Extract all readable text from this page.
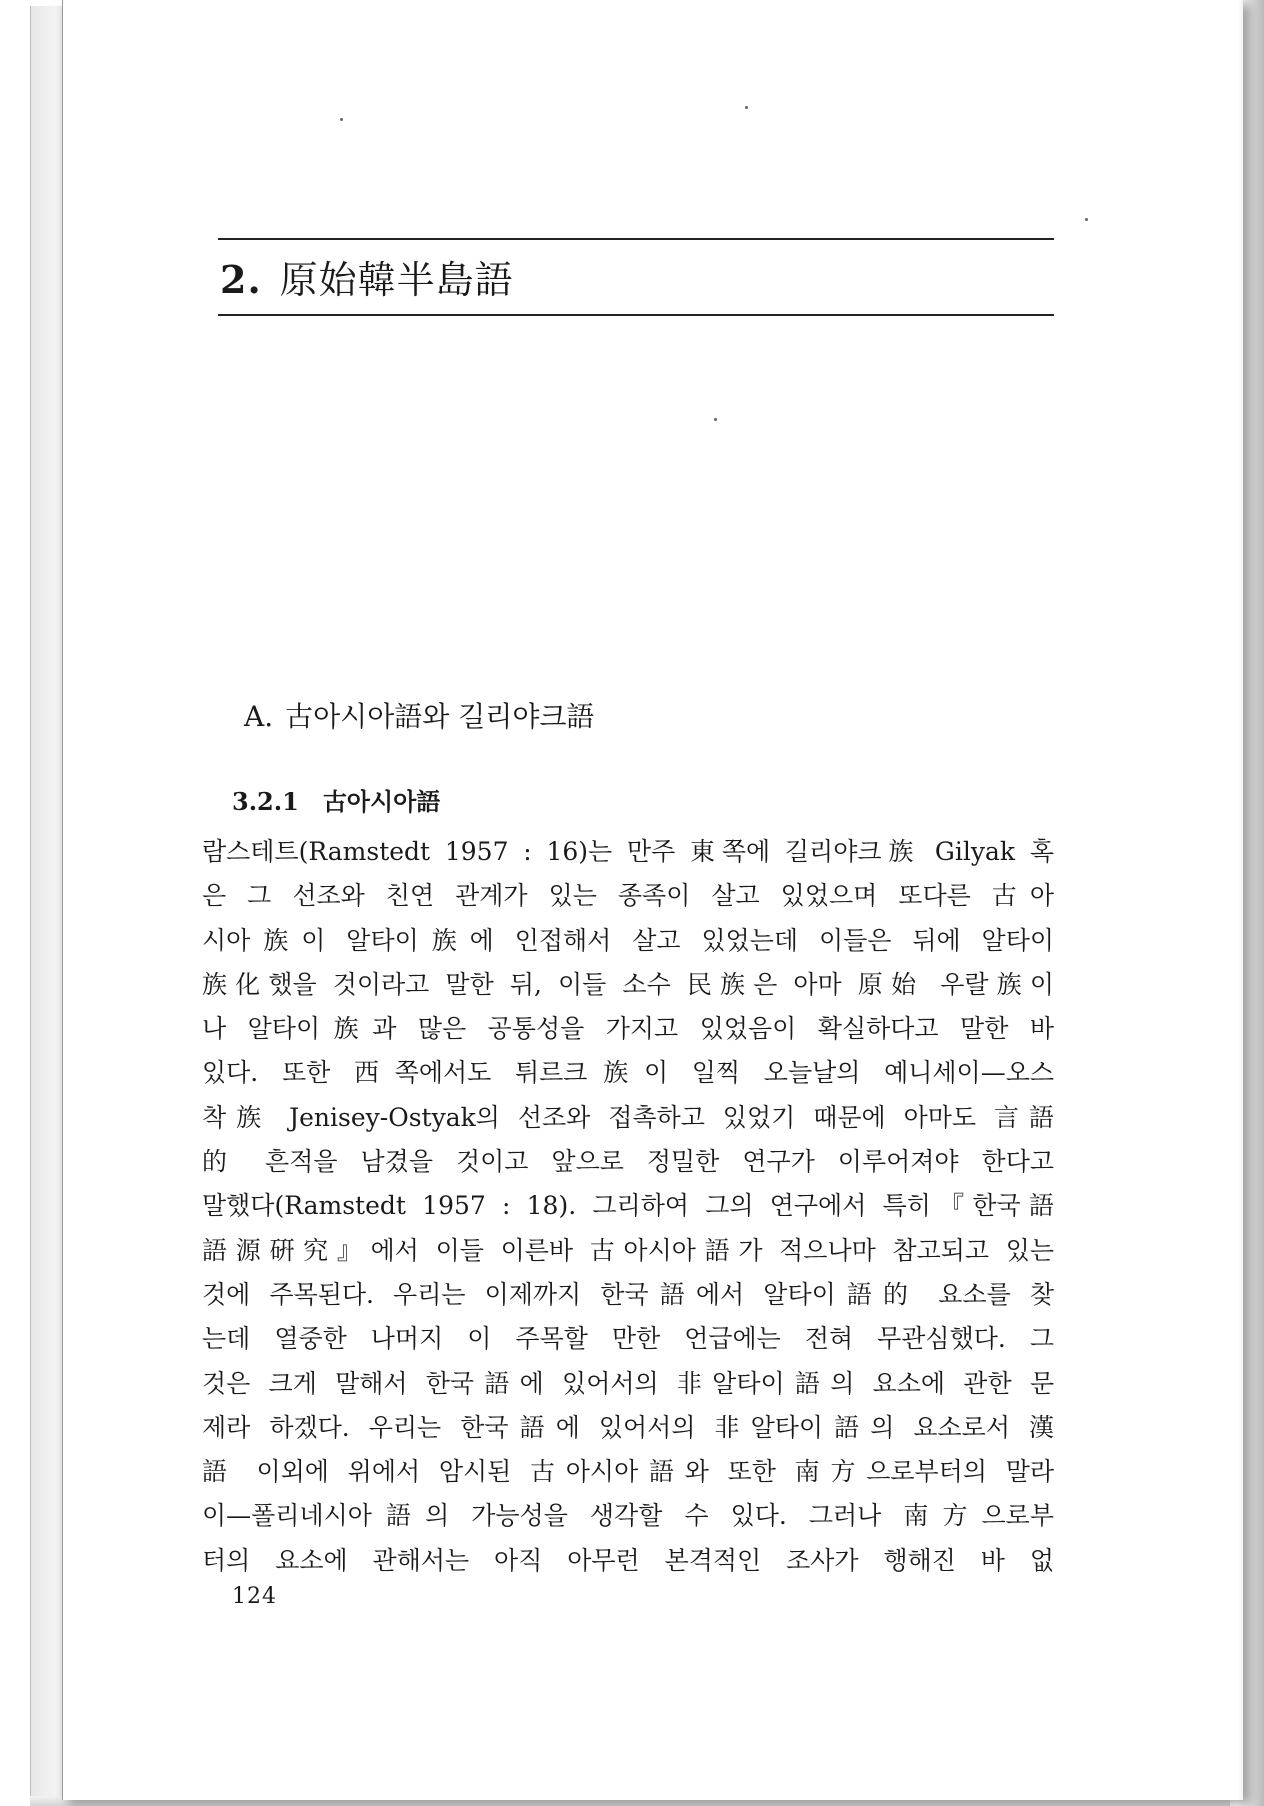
2. 原始韓半島語
A. 古아시아語와 길리야크語
3.2.1 古아시아語
람스테트(Ramstedt 1957 : 16)는 만주 東쪽에 길리야크族 Gilyak 혹
은 그 선조와 친연 관계가 있는 종족이 살고 있었으며 또다른 古아
시아族이 알타이族에 인접해서 살고 있었는데 이들은 뒤에 알타이
族化했을 것이라고 말한 뒤, 이들 소수 民族은 아마 原始 우랄族이
나 알타이族과 많은 공통성을 가지고 있었음이 확실하다고 말한 바
있다. 또한 西쪽에서도 튀르크族이 일찍 오늘날의 예니세이—오스
착族 Jenisey-Ostyak의 선조와 접촉하고 있었기 때문에 아마도 言語
的 흔적을 남겼을 것이고 앞으로 정밀한 연구가 이루어져야 한다고
말했다(Ramstedt 1957 : 18). 그리하여 그의 연구에서 특히『한국語
語源硏究』에서 이들 이른바 古아시아語가 적으나마 참고되고 있는
것에 주목된다. 우리는 이제까지 한국語에서 알타이語的 요소를 찾
는데 열중한 나머지 이 주목할 만한 언급에는 전혀 무관심했다. 그
것은 크게 말해서 한국語에 있어서의 非알타이語의 요소에 관한 문
제라 하겠다. 우리는 한국語에 있어서의 非알타이語의 요소로서 漢
語 이외에 위에서 암시된 古아시아語와 또한 南方으로부터의 말라
이—폴리네시아語의 가능성을 생각할 수 있다. 그러나 南方으로부
터의 요소에 관해서는 아직 아무런 본격적인 조사가 행해진 바 없
124
